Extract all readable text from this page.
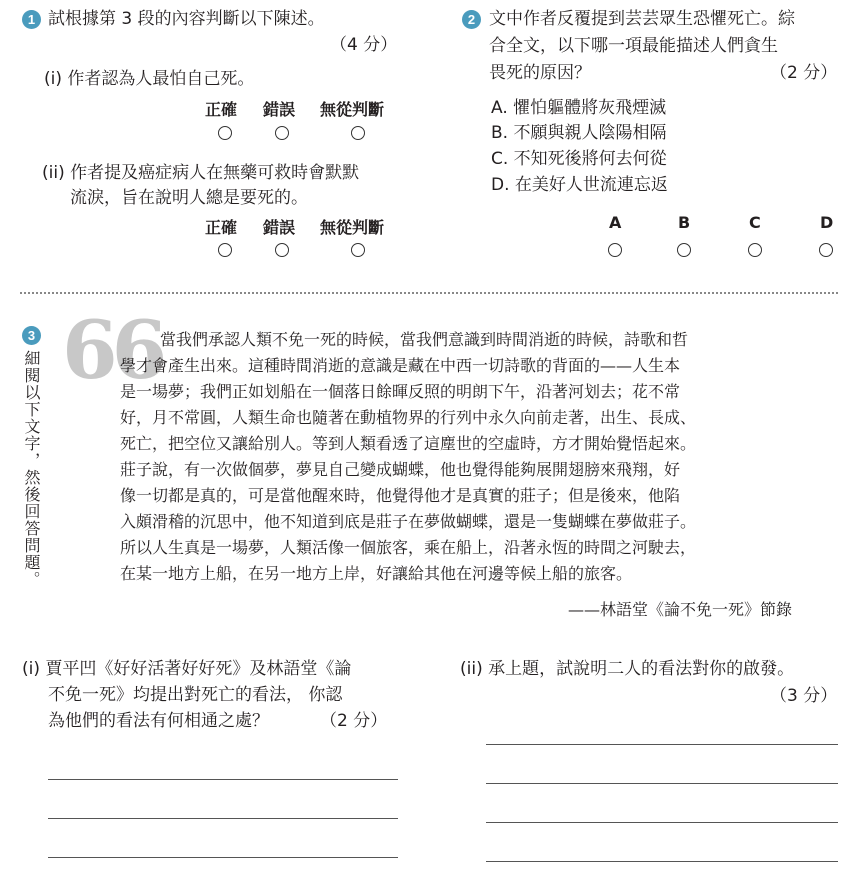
1 試根據第 3 段的內容判斷以下陳述。
（4 分）
(i) 作者認為人最怕自己死。
正確 錯誤 無從判斷
(ii) 作者提及癌症病人在無藥可救時會默默
流淚，旨在說明人總是要死的。
正確 錯誤 無從判斷
2 文中作者反覆提到芸芸眾生恐懼死亡。綜
合全文，以下哪一項最能描述人們貪生
畏死的原因？	（2 分）
A. 懼怕軀體將灰飛煙滅
B. 不願與親人陰陽相隔
C. 不知死後將何去何從
D. 在美好人世流連忘返
A	B	C	D
3
細閱以下文字，然後回答問題。 66
當我們承認人類不免一死的時候，當我們意識到時間消逝的時候，詩歌和哲
學才會產生出來。這種時間消逝的意識是藏在中西一切詩歌的背面的——人生本
是一場夢；我們正如划船在一個落日餘暉反照的明朗下午，沿著河划去；花不常
好，月不常圓，人類生命也隨著在動植物界的行列中永久向前走著，出生、長成、
死亡，把空位又讓給別人。等到人類看透了這塵世的空虛時，方才開始覺悟起來。
莊子說，有一次做個夢，夢見自己變成蝴蝶，他也覺得能夠展開翅膀來飛翔，好
像一切都是真的，可是當他醒來時，他覺得他才是真實的莊子；但是後來，他陷
入頗滑稽的沉思中，他不知道到底是莊子在夢做蝴蝶，還是一隻蝴蝶在夢做莊子。
所以人生真是一場夢，人類活像一個旅客，乘在船上，沿著永恆的時間之河駛去，
在某一地方上船，在另一地方上岸，好讓給其他在河邊等候上船的旅客。
——林語堂《論不免一死》節錄
(i) 賈平凹《好好活著好好死》及林語堂《論
不免一死》均提出對死亡的看法， 你認
為他們的看法有何相通之處？	（2 分）
(ii) 承上題，試說明二人的看法對你的啟發。
（3 分）
